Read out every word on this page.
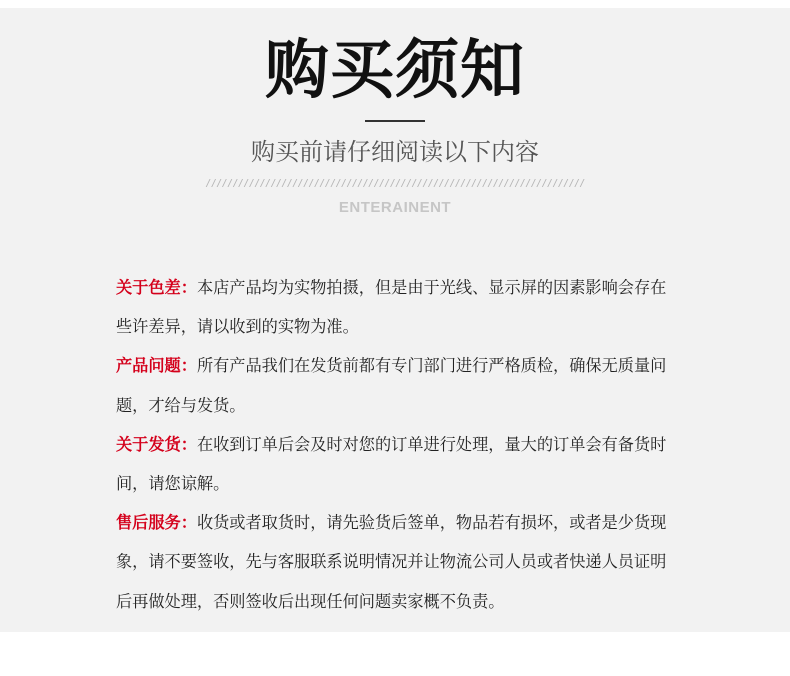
购买须知
购买前请仔细阅读以下内容
//////////////////////////////////////////////////////////////////////
ENTERAINENT

关于色差：本店产品均为实物拍摄，但是由于光线、显示屏的因素影响会存在些许差异，请以收到的实物为准。

产品问题：所有产品我们在发货前都有专门部门进行严格质检，确保无质量问题，才给与发货。

关于发货：在收到订单后会及时对您的订单进行处理，量大的订单会有备货时间，请您谅解。

售后服务：收货或者取货时，请先验货后签单，物品若有损坏，或者是少货现象，请不要签收，先与客服联系说明情况并让物流公司人员或者快递人员证明后再做处理，否则签收后出现任何问题卖家概不负责。
